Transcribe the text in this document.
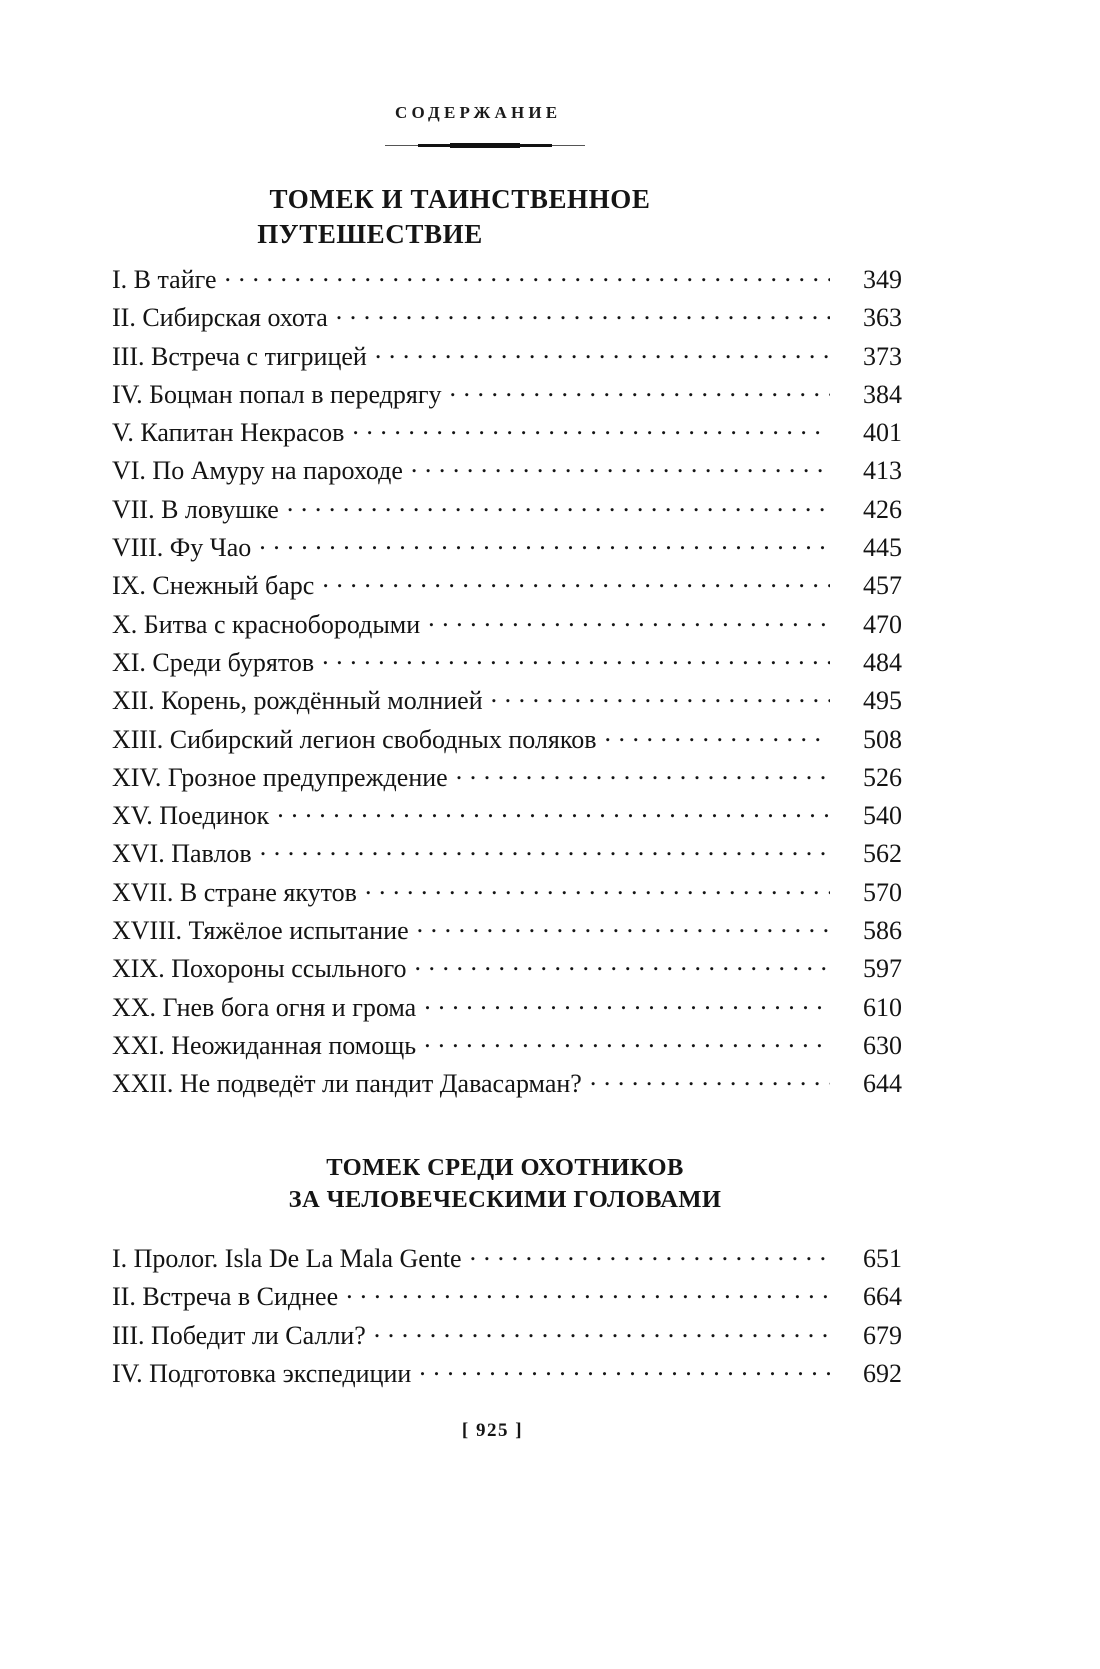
СОДЕРЖАНИЕ
ТОМЕК И ТАИНСТВЕННОЕ
ПУТЕШЕСТВИЕ
I. В тайге . . .	349
II. Сибирская охота . . .	363
III. Встреча с тигрицей . . .	373
IV. Боцман попал в передрягу . . .	384
V. Капитан Некрасов . . .	401
VI. По Амуру на пароходе . . .	413
VII. В ловушке . . .	426
VIII. Фу Чао . . .	445
IX. Снежный барс . . .	457
X. Битва с краснобородыми . . .	470
XI. Среди бурятов . . .	484
XII. Корень, рождённый молнией . . .	495
XIII. Сибирский легион свободных поляков . . .	508
XIV. Грозное предупреждение . . .	526
XV. Поединок . . .	540
XVI. Павлов . . .	562
XVII. В стране якутов . . .	570
XVIII. Тяжёлое испытание . . .	586
XIX. Похороны ссыльного . . .	597
XX. Гнев бога огня и грома . . .	610
XXI. Неожиданная помощь . . .	630
XXII. Не подведёт ли пандит Давасарман? . . .	644
ТОМЕК СРЕДИ ОХОТНИКОВ
ЗА ЧЕЛОВЕЧЕСКИМИ ГОЛОВАМИ
I. Пролог. Isla De La Mala Gente . . .	651
II. Встреча в Сиднее . . .	664
III. Победит ли Салли? . . .	679
IV. Подготовка экспедиции . . .	692
[ 925 ]
